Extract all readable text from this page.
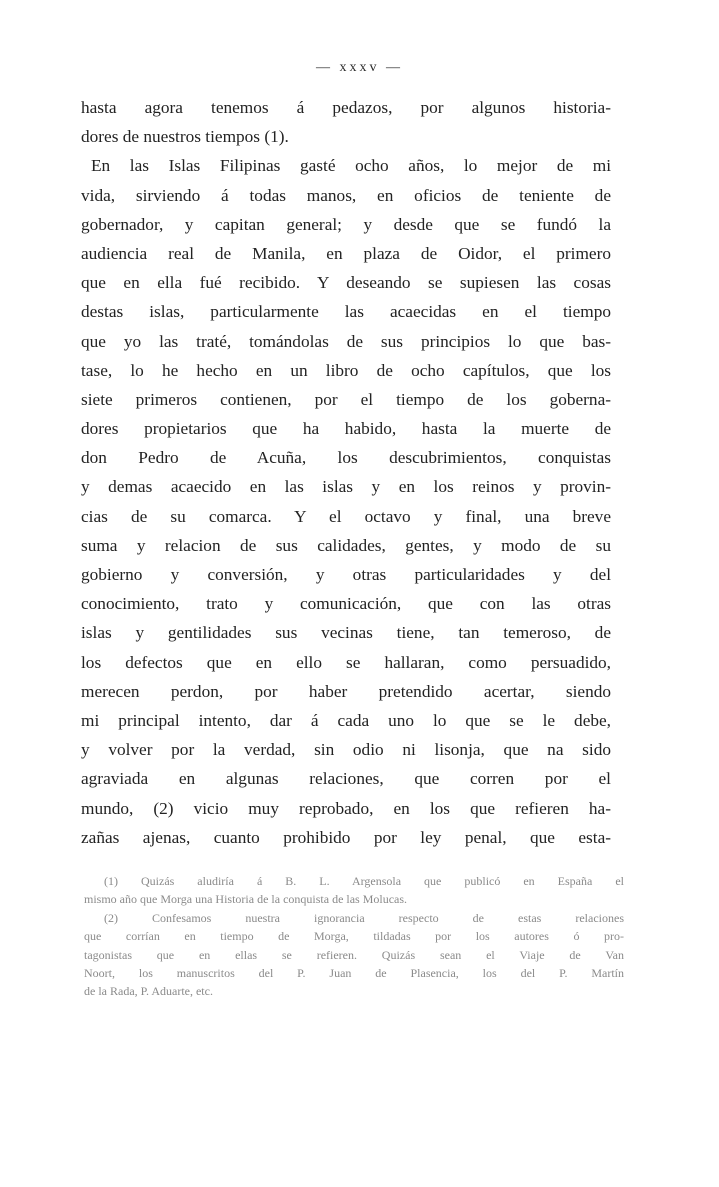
— xxxv —
hasta agora tenemos á pedazos, por algunos historia-
dores de nuestros tiempos (1).
En las Islas Filipinas gasté ocho años, lo mejor de mi
vida, sirviendo á todas manos, en oficios de teniente de
gobernador, y capitan general; y desde que se fundó la
audiencia real de Manila, en plaza de Oidor, el primero
que en ella fué recibido. Y deseando se supiesen las cosas
destas islas, particularmente las acaecidas en el tiempo
que yo las traté, tomándolas de sus principios lo que bas-
tase, lo he hecho en un libro de ocho capítulos, que los
siete primeros contienen, por el tiempo de los goberna-
dores propietarios que ha habido, hasta la muerte de
don Pedro de Acuña, los descubrimientos, conquistas
y demas acaecido en las islas y en los reinos y provin-
cias de su comarca. Y el octavo y final, una breve
suma y relacion de sus calidades, gentes, y modo de su
gobierno y conversión, y otras particularidades y del
conocimiento, trato y comunicación, que con las otras
islas y gentilidades sus vecinas tiene, tan temeroso, de
los defectos que en ello se hallaran, como persuadido,
merecen perdon, por haber pretendido acertar, siendo
mi principal intento, dar á cada uno lo que se le debe,
y volver por la verdad, sin odio ni lisonja, que na sido
agraviada en algunas relaciones, que corren por el
mundo, (2) vicio muy reprobado, en los que refieren ha-
zañas ajenas, cuanto prohibido por ley penal, que esta-
(1) Quizás aludiría á B. L. Argensola que publicó en España el
mismo año que Morga una Historia de la conquista de las Molucas.
(2) Confesamos nuestra ignorancia respecto de estas relaciones
que corrían en tiempo de Morga, tildadas por los autores ó pro-
tagonistas que en ellas se refieren. Quizás sean el Viaje de Van
Noort, los manuscritos del P. Juan de Plasencia, los del P. Martín
de la Rada, P. Aduarte, etc.
